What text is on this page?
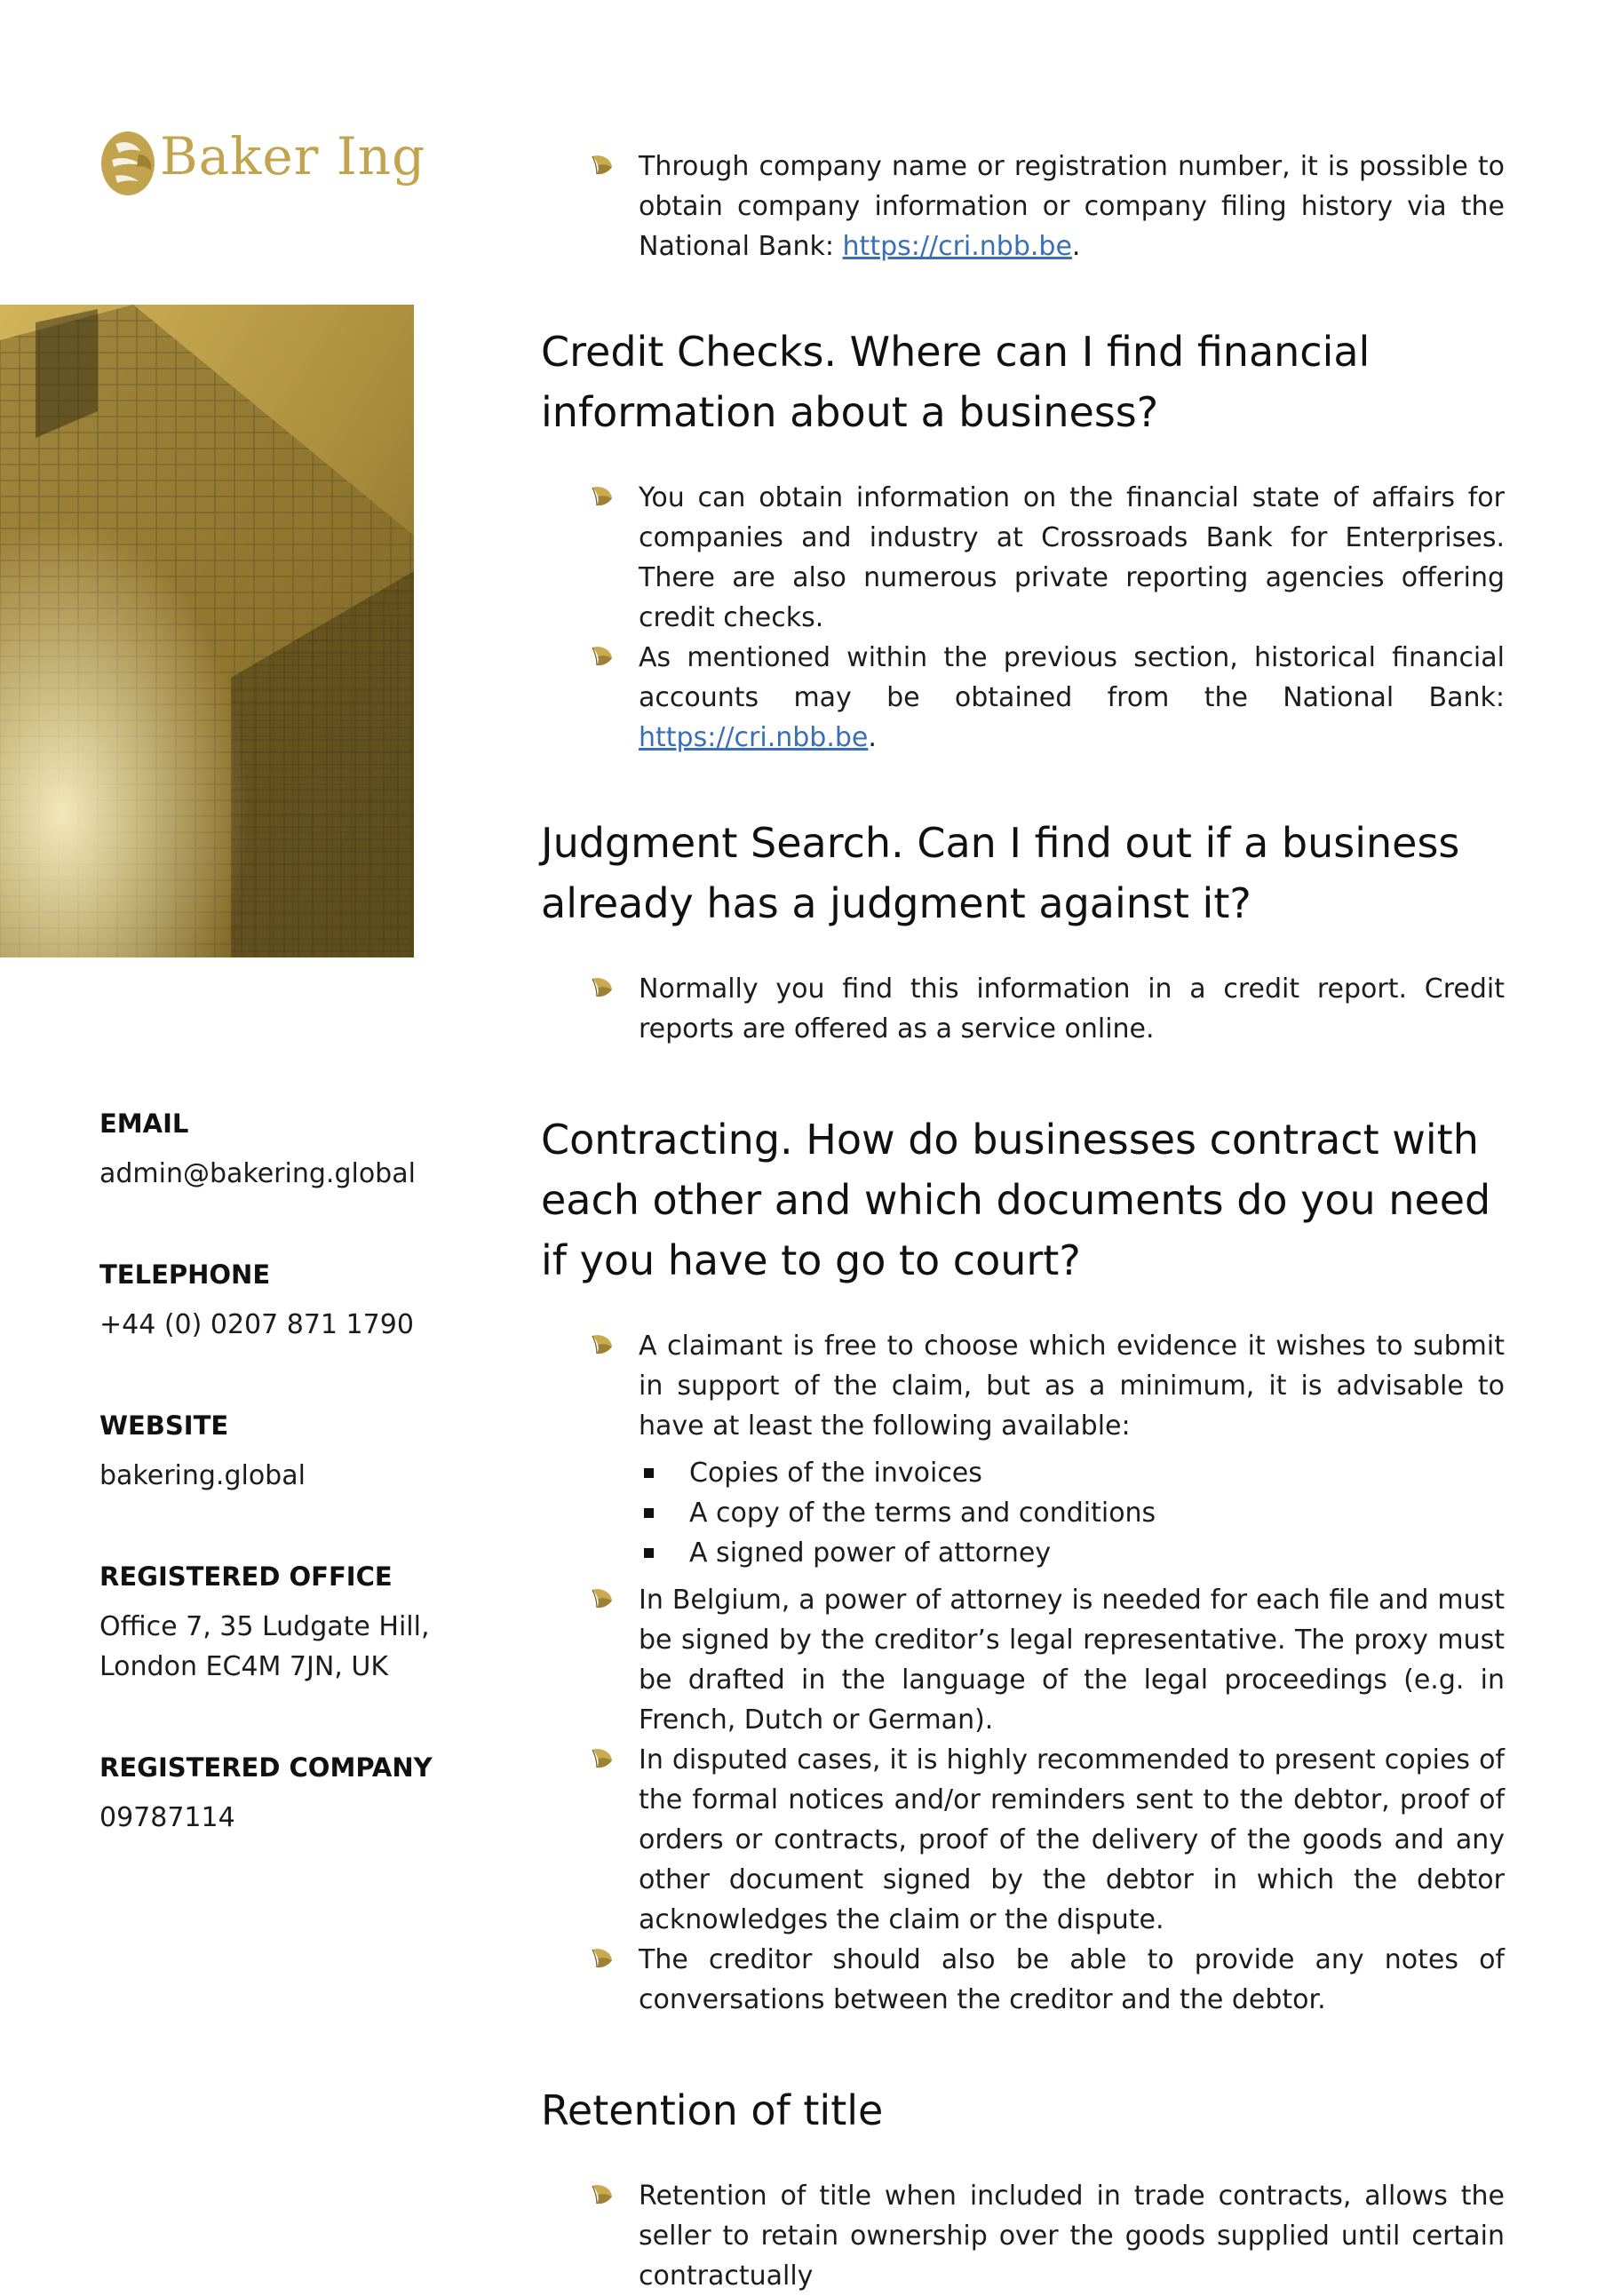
Baker Ing

EMAIL

admin@bakering.global

TELEPHONE

+44 (0) 0207 871 1790

WEBSITE

bakering.global

REGISTERED OFFICE

Office 7, 35 Ludgate Hill,
London EC4M 7JN, UK

REGISTERED COMPANY

09787114

Through company name or registration number, it is possible to obtain company information or company filing history via the National Bank: https://cri.nbb.be.
Credit Checks. Where can I find financial information about a business?
You can obtain information on the financial state of affairs for companies and industry at Crossroads Bank for Enterprises. There are also numerous private reporting agencies offering credit checks.
As mentioned within the previous section, historical financial accounts may be obtained from the National Bank: https://cri.nbb.be.
Judgment Search. Can I find out if a business already has a judgment against it?
Normally you find this information in a credit report. Credit reports are offered as a service online.
Contracting. How do businesses contract with each other and which documents do you need if you have to go to court?
A claimant is free to choose which evidence it wishes to submit in support of the claim, but as a minimum, it is advisable to have at least the following available:
Copies of the invoices
A copy of the terms and conditions
A signed power of attorney
In Belgium, a power of attorney is needed for each file and must be signed by the creditor’s legal representative. The proxy must be drafted in the language of the legal proceedings (e.g. in French, Dutch or German).
In disputed cases, it is highly recommended to present copies of the formal notices and/or reminders sent to the debtor, proof of orders or contracts, proof of the delivery of the goods and any other document signed by the debtor in which the debtor acknowledges the claim or the dispute.
The creditor should also be able to provide any notes of conversations between the creditor and the debtor.
Retention of title
Retention of title when included in trade contracts, allows the seller to retain ownership over the goods supplied until certain contractually
